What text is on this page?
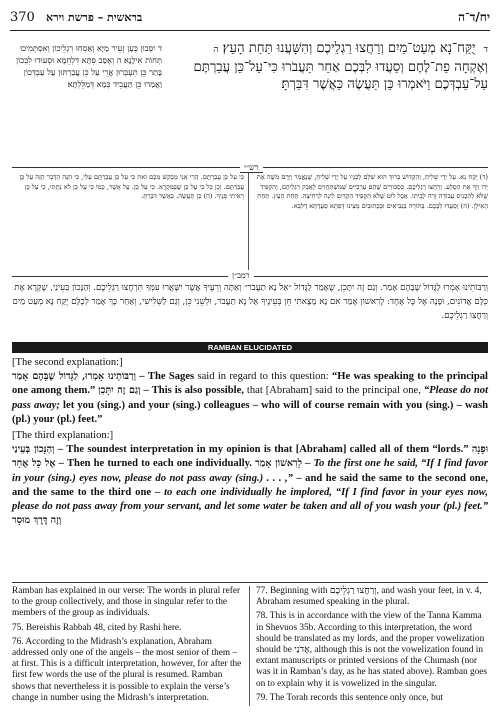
370 בראשית – פרשת וירא	יח/ד־ה
ד יֻקַּח־נָא מְעַט־מַיִם וְרַחֲצוּ רַגְלֵיכֶם וְהִשָּׁעֲנוּ תַּחַת הָעֵץ׃ ה וְאֶקְחָה פַת־לֶחֶם וְסַעֲדוּ לִבְּכֶם אַחַר תַּעֲבֹרוּ כִּי־עַל־כֵּן עֲבַרְתֶּם עַל־עַבְדְּכֶם וַיֹּאמְרוּ כֵּן תַּעֲשֶׂה כַּאֲשֶׁר דִּבַּרְתָּ׃
ד יִסְּבוּן כְּעַן זְעֵיר מַיָּא וְאַסְחוּ רִגְלֵיכוֹן וְאִסְתְּמִיכוּ תְּחוֹת אִילָנָא׃ ה וְאֶסַּב פִּתָּא דִּלְחֵמָא וּסְעוּדוּ לִבְּכוֹן בָּתַר כֵּן תִּעְבְּרוּן אֲרֵי עַל כֵּן עֲבַרְתּוּן עַל עַבְדְּכוֹן וַאֲמַרוּ כֵּן תַּעֲבֵיד כְּמָא דְּמַלֵּלְתָּא׃
רש״י
(ד) יֻקַּח נָא. עַל יְדֵי שָׁלִיחַ, וְהַקָּדוֹשׁ בָּרוּךְ הוּא שִׁלֵּם לְבָנָיו עַל יְדֵי שָׁלִיחַ, שֶׁנֶּאֱמַר וַיָּרֶם מֹשֶׁה אֶת יָדוֹ וְיַךְ אֶת הַסֶּלַע. וְרַחֲצוּ רַגְלֵיכֶם. כִּסְבוּרִים שֶׁהֵם עַרְבִיִּים שֶׁמִּשְׁתַּחֲוִים לַאֲבַק רַגְלֵיהֶם, וְהִקְפִּיד שֶׁלֹּא לְהַכְנִיס עֲבוֹדָה זָרָה לְבֵיתוֹ. אֲבָל לוֹט שֶׁלֹּא הִקְפִּיד הִקְדִּים לִינָה לִרְחִיצָה. תַּחַת הָעֵץ. תַּחַת הָאִילָן. (ה) וְסַעֲדוּ לִבְּכֶם. בַּתּוֹרָה בַּנְּבִיאִים וּבַכְּתוּבִים מָצִינוּ דְּפִתָּא סַעֲדְתָּא דְלִבָּא.
כִּי עַל כֵּן עֲבַרְתֶּם. הֲרֵי אֲנִי מְבַקֵּשׁ מִכֶּם זֹאת כִּי עַל כֵּן עֲבַרְתֶּם עָלַי, כִּי הִנֵּה הַדָּבָר הַזֶּה עַל כֵּן עֲבַרְתֶּם. וְכֵן כָּל כִּי עַל כֵּן שֶׁבַּמִּקְרָא. כִּי עַל כֵּן. עַל אֲשֶׁר, כְּמוֹ כִּי עַל כֵּן לֹא נָתַתִּי, כִּי עַל כֵּן רָאִיתִי פָנֶיךָ. (ה) כֵּן תַּעֲשֶׂה. כַּאֲשֶׁר דִּבַּרְתָּ.
רמב״ן
וְרַבּוֹתֵינוּ אָמְרוּ לַגָּדוֹל שֶׁבָּהֶם אָמַר. וְגַם זֶה יִתָּכֵן, שֶׁאָמַר לַגָּדוֹל ״אַל נָא תַעֲבֹר״ וְאַתָּה וְרֵעֶיךָ אֲשֶׁר יִשָּׁאֲרוּ עִמְּךָ תִּרְחֲצוּ רַגְלֵיכֶם. וְהַנָּכוֹן בְּעֵינַי, שֶׁקָּרָא אֶת כֻּלָּם אֲדוֹנִים, וּפָנָה אֶל כָּל אֶחָד: לָרִאשׁוֹן אָמַר אִם נָא מָצָאתִי חֵן בְּעֵינֶיךָ אַל נָא תַעֲבֹר, וּלְשֵׁנִי כֵּן, וְגַם לַשְּׁלִישִׁי, וְאַחַר כָּךְ אָמַר לְכֻלָּם יֻקַּח נָא מְעַט מַיִם וְרַחֲצוּ רַגְלֵיכֶם.
RAMBAN ELUCIDATED
[The second explanation:]
וְרַבּוֹתֵינוּ אָמְרוּ, לַגָּדוֹל שֶׁבָּהֶם אָמַר – The Sages said in regard to this question: “He was speaking to the principal one among them.” וְגַם זֶה יִתָּכֵן – This is also possible, that [Abraham] said to the principal one, “Please do not pass away; let you (sing.) and your (sing.) colleagues – who will of course remain with you (sing.) – wash (pl.) your (pl.) feet.”
[The third explanation:]
וְהַנָּכוֹן בְּעֵינַי – The soundest interpretation in my opinion is that [Abraham] called all of them “lords.” וּפָנָה אֶל כָּל אֶחָד – Then he turned to each one individually. לָרִאשׁוֹן אָמַר – To the first one he said, “If I find favor in your (sing.) eyes now, please do not pass away (sing.) . . . ,” – and he said the same to the second one, and the same to the third one – to each one individually he implored, “If I find favor in your eyes now, please do not pass away from your servant, and let some water be taken and all of you wash your (pl.) feet.” וְזֶה דֶּרֶךְ מוּסָר

Ramban has explained in our verse: The words in plural refer to the group collectively, and those in singular refer to the members of the group as individuals.

75. Bereishis Rabbah 48, cited by Rashi here.

76. According to the Midrash’s explanation, Abraham addressed only one of the angels – the most senior of them – at first. This is a difficult interpretation, however, for after the first few words the use of the plural is resumed. Ramban shows that nevertheless it is possible to explain the verse’s change in number using the Midrash’s interpretation.

77. Beginning with וְרַחֲצוּ רַגְלֵיכֶם, and wash your feet, in v. 4, Abraham resumed speaking in the plural.

78. This is in accordance with the view of the Tanna Kamma in Shevuos 35b. According to this interpretation, the word should be translated as my lords, and the proper vowelization should be אֲדֹנַי, although this is not the vowelization found in extant manuscripts or printed versions of the Chumash (nor was it in Ramban’s day, as he has stated above). Ramban goes on to explain why it is vowelized in the singular.

79. The Torah records this sentence only once, but
